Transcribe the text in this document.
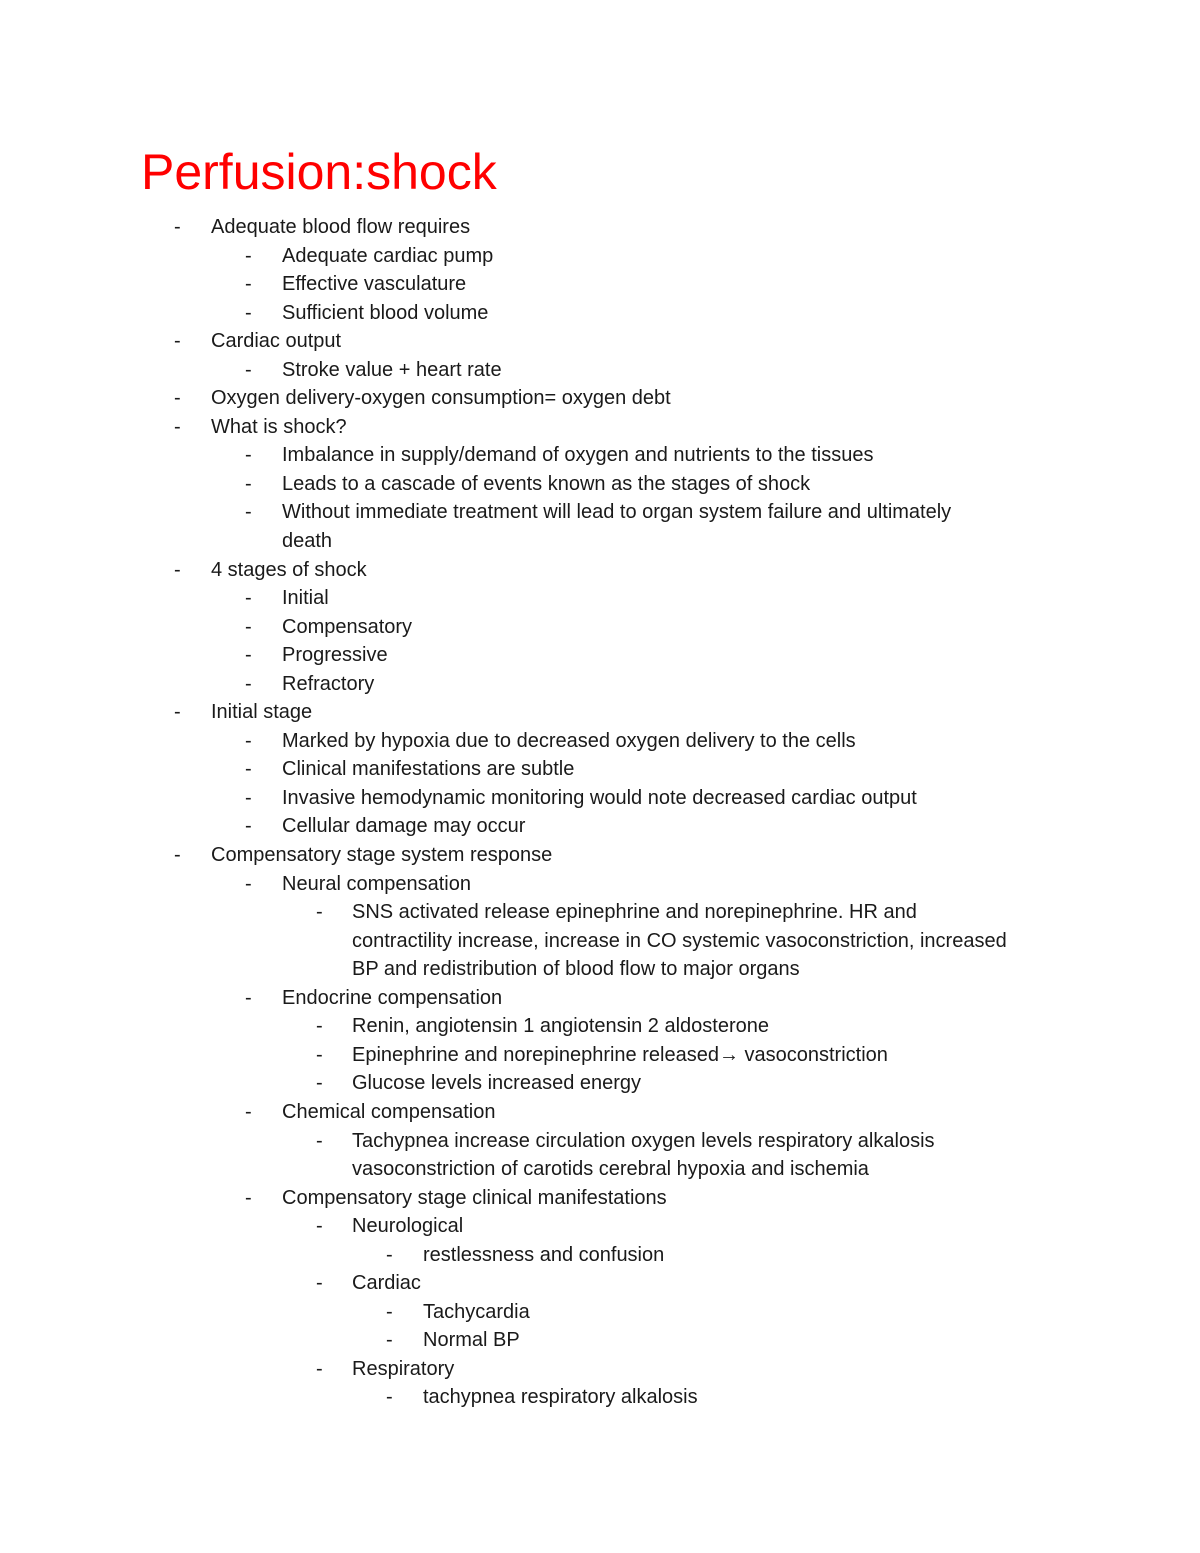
Perfusion:shock
- Adequate blood flow requires
- Adequate cardiac pump
- Effective vasculature
- Sufficient blood volume
- Cardiac output
- Stroke value + heart rate
- Oxygen delivery-oxygen consumption= oxygen debt
- What is shock?
- Imbalance in supply/demand of oxygen and nutrients to the tissues
- Leads to a cascade of events known as the stages of shock
- Without immediate treatment will lead to organ system failure and ultimately
death
- 4 stages of shock
- Initial
- Compensatory
- Progressive
- Refractory
- Initial stage
- Marked by hypoxia due to decreased oxygen delivery to the cells
- Clinical manifestations are subtle
- Invasive hemodynamic monitoring would note decreased cardiac output
- Cellular damage may occur
- Compensatory stage system response
- Neural compensation
- SNS activated release epinephrine and norepinephrine. HR and
contractility increase, increase in CO systemic vasoconstriction, increased
BP and redistribution of blood flow to major organs
- Endocrine compensation
- Renin, angiotensin 1 angiotensin 2 aldosterone
- Epinephrine and norepinephrine released→ vasoconstriction
- Glucose levels increased energy
- Chemical compensation
- Tachypnea increase circulation oxygen levels respiratory alkalosis
vasoconstriction of carotids cerebral hypoxia and ischemia
- Compensatory stage clinical manifestations
- Neurological
- restlessness and confusion
- Cardiac
- Tachycardia
- Normal BP
- Respiratory
- tachypnea respiratory alkalosis
